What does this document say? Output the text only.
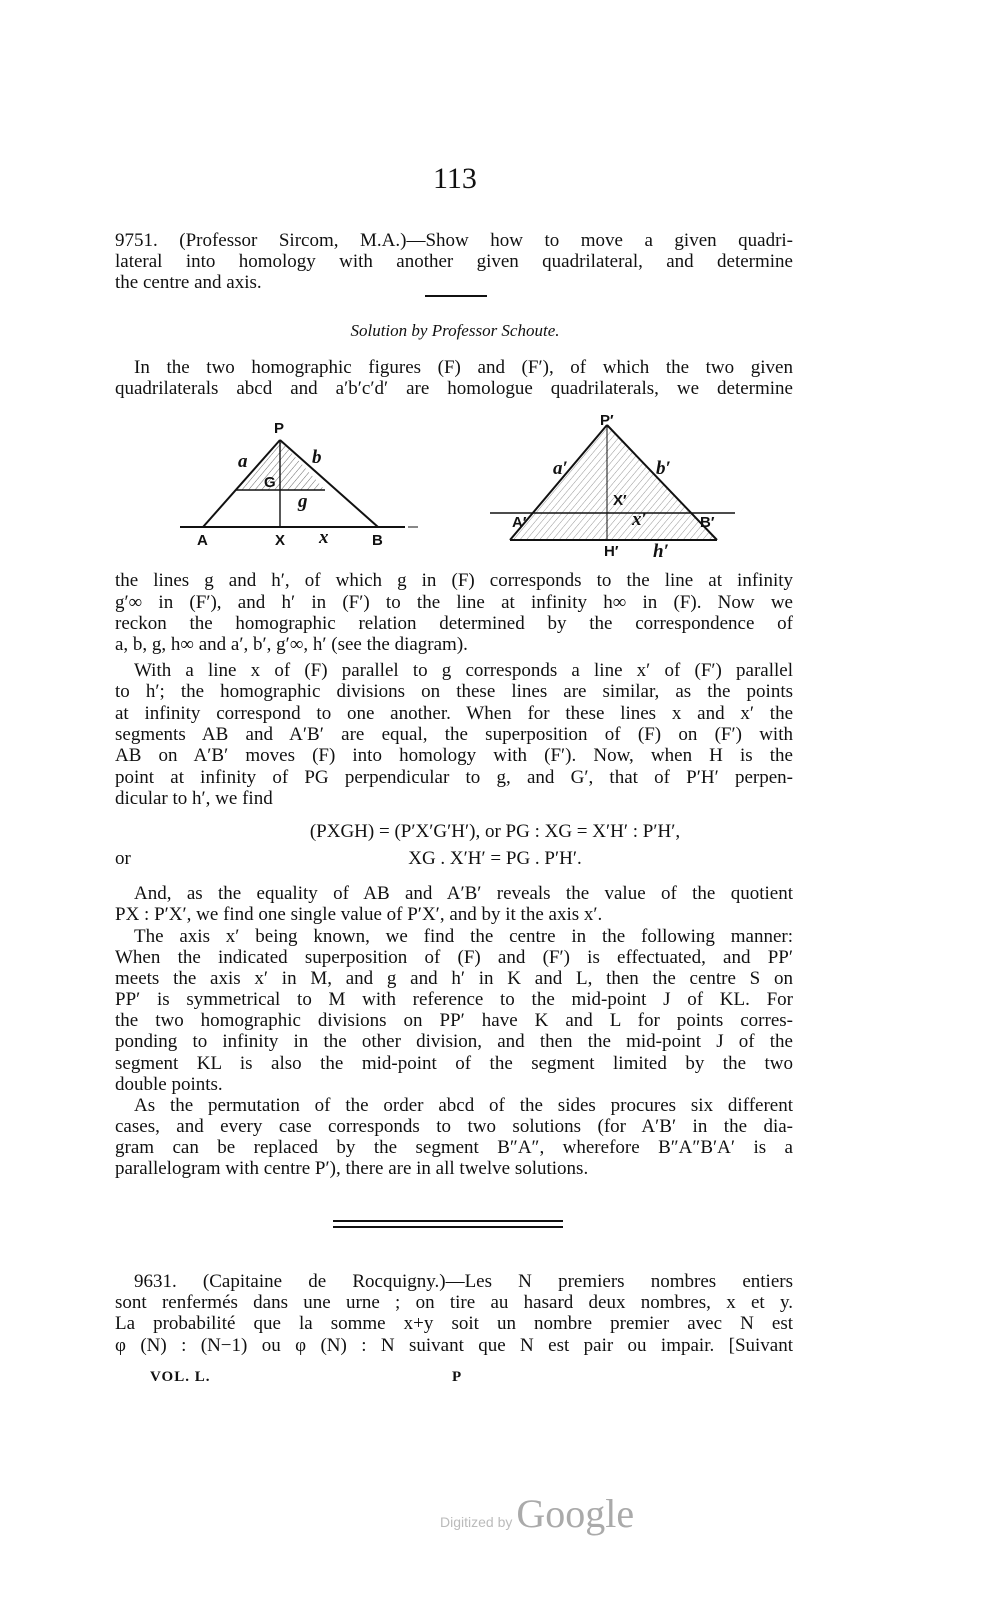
113
9751. (Professor Sircom, M.A.)—Show how to move a given quadri-
lateral into homology with another given quadrilateral, and determine
the centre and axis.
Solution by Professor Schoute.
In the two homographic figures (F) and (F′), of which the two given
quadrilaterals abcd and a′b′c′d′ are homologue quadrilaterals, we determine
the lines g and h′, of which g in (F) corresponds to the line at infinity
g′∞ in (F′), and h′ in (F′) to the line at infinity h∞ in (F). Now we
reckon the homographic relation determined by the correspondence of
a, b, g, h∞ and a′, b′, g′∞, h′ (see the diagram).
With a line x of (F) parallel to g corresponds a line x′ of (F′) parallel
to h′; the homographic divisions on these lines are similar, as the points
at infinity correspond to one another. When for these lines x and x′ the
segments AB and A′B′ are equal, the superposition of (F) on (F′) with
AB on A′B′ moves (F) into homology with (F′). Now, when H is the
point at infinity of PG perpendicular to g, and G′, that of P′H′ perpen-
dicular to h′, we find
(PXGH) = (P′X′G′H′), or PG : XG = X′H′ : P′H′,
XG . X′H′ = PG . P′H′.
And, as the equality of AB and A′B′ reveals the value of the quotient
PX : P′X′, we find one single value of P′X′, and by it the axis x′.
The axis x′ being known, we find the centre in the following manner:
When the indicated superposition of (F) and (F′) is effectuated, and PP′
meets the axis x′ in M, and g and h′ in K and L, then the centre S on
PP′ is symmetrical to M with reference to the mid-point J of KL. For
the two homographic divisions on PP′ have K and L for points corres-
ponding to infinity in the other division, and then the mid-point J of the
segment KL is also the mid-point of the segment limited by the two
double points.
As the permutation of the order abcd of the sides procures six different
cases, and every case corresponds to two solutions (for A′B′ in the dia-
gram can be replaced by the segment B″A″, wherefore B″A″B′A′ is a
parallelogram with centre P′), there are in all twelve solutions.
9631. (Capitaine de Rocquigny.)—Les N premiers nombres entiers
sont renfermés dans une urne ; on tire au hasard deux nombres, x et y.
La probabilité que la somme x+y soit un nombre premier avec N est
φ (N) : (N−1) ou φ (N) : N suivant que N est pair ou impair. [Suivant
or
P
a	b
G
g
A	X x	B
P′
a′	b′
X′
x′
A′	B′
H′ h′
VOL. L.	P
Digitized by Google
